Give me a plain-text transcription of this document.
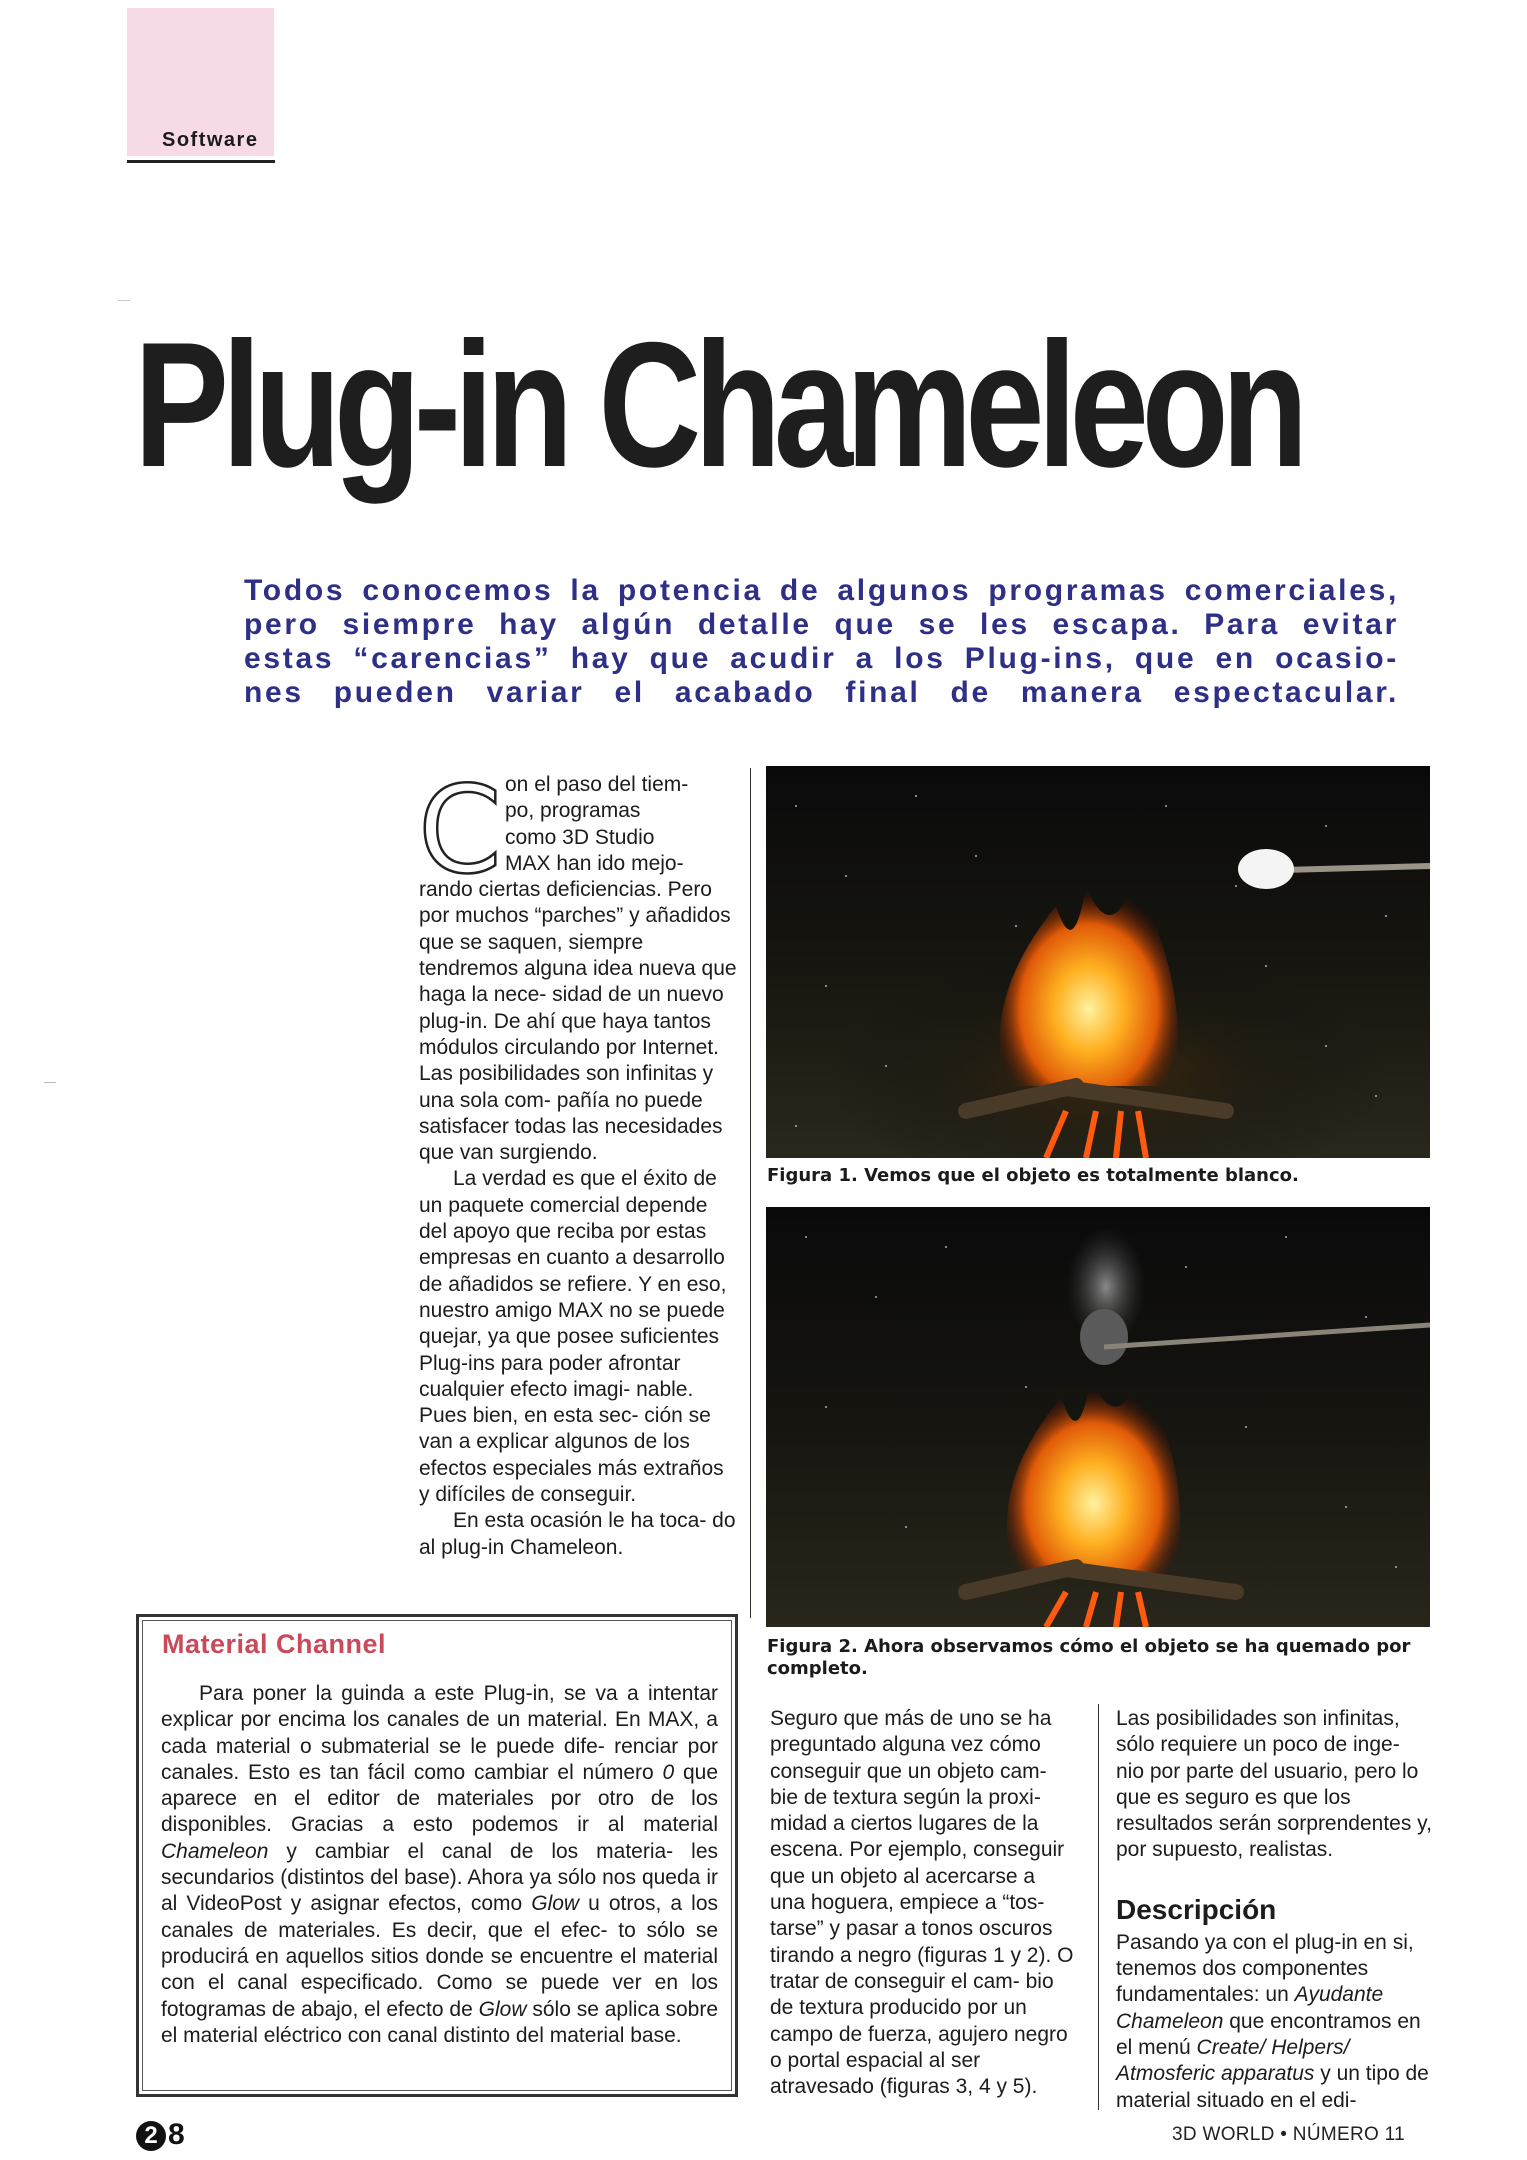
Software
Plug-in Chameleon
Todos conocemos la potencia de algunos programas comerciales,
pero siempre hay algún detalle que se les escapa. Para evitar
estas “carencias” hay que acudir a los Plug-ins, que en ocasio-
nes pueden variar el acabado final de manera espectacular.
C on el paso del tiem-
po, programas
como 3D Studio
MAX han ido mejo-
rando ciertas deficiencias. Pero por muchos “parches” y añadidos que se saquen, siempre tendremos alguna idea nueva que haga la nece- sidad de un nuevo plug-in. De ahí que haya tantos módulos circulando por Internet. Las posibilidades son infinitas y una sola com- pañía no puede satisfacer todas las necesidades que van surgiendo.

La verdad es que el éxito de un paquete comercial depende del apoyo que reciba por estas empresas en cuanto a desarrollo de añadidos se refiere. Y en eso, nuestro amigo MAX no se puede quejar, ya que posee suficientes Plug-ins para poder afrontar cualquier efecto imagi- nable. Pues bien, en esta sec- ción se van a explicar algunos de los efectos especiales más extraños y difíciles de conseguir.

En esta ocasión le ha toca- do al plug-in Chameleon.

Figura 1. Vemos que el objeto es totalmente blanco.
Figura 2. Ahora observamos cómo el objeto se ha quemado por completo.
Material Channel

Para poner la guinda a este Plug-in, se va a intentar explicar por encima los canales de un material. En MAX, a cada material o submaterial se le puede dife- renciar por canales. Esto es tan fácil como cambiar el número 0 que aparece en el editor de materiales por otro de los disponibles. Gracias a esto podemos ir al material Chameleon y cambiar el canal de los materia- les secundarios (distintos del base). Ahora ya sólo nos queda ir al VideoPost y asignar efectos, como Glow u otros, a los canales de materiales. Es decir, que el efec- to sólo se producirá en aquellos sitios donde se encuentre el material con el canal especificado. Como se puede ver en los fotogramas de abajo, el efecto de Glow sólo se aplica sobre el material eléctrico con canal distinto del material base.

Seguro que más de uno se ha preguntado alguna vez cómo conseguir que un objeto cam- bie de textura según la proxi- midad a ciertos lugares de la escena. Por ejemplo, conseguir que un objeto al acercarse a una hoguera, empiece a “tos- tarse” y pasar a tonos oscuros tirando a negro (figuras 1 y 2). O tratar de conseguir el cam- bio de textura producido por un campo de fuerza, agujero negro o portal espacial al ser atravesado (figuras 3, 4 y 5).

Las posibilidades son infinitas, sólo requiere un poco de inge- nio por parte del usuario, pero lo que es seguro es que los resultados serán sorprendentes y, por supuesto, realistas.

Descripción

Pasando ya con el plug-in en si, tenemos dos componentes fundamentales: un Ayudante Chameleon que encontramos en el menú Create/ Helpers/ Atmosferic apparatus y un tipo de material situado en el edi-

2 8	3D WORLD • NÚMERO 11
